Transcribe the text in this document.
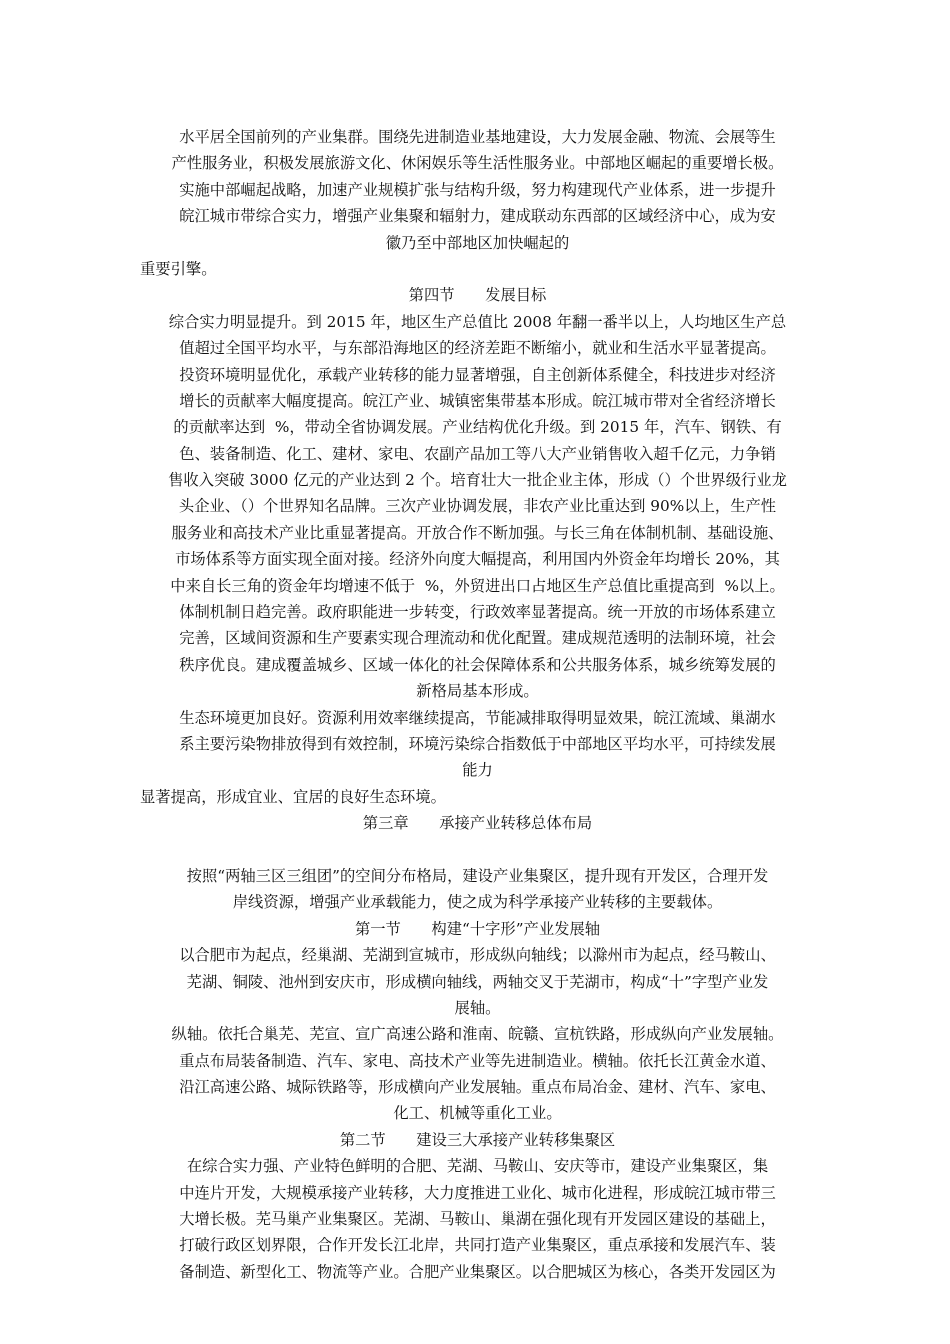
水平居全国前列的产业集群。围绕先进制造业基地建设，大力发展金融、物流、会展等生
产性服务业，积极发展旅游文化、休闲娱乐等生活性服务业。中部地区崛起的重要增长极。
实施中部崛起战略，加速产业规模扩张与结构升级，努力构建现代产业体系，进一步提升
皖江城市带综合实力，增强产业集聚和辐射力，建成联动东西部的区域经济中心，成为安
徽乃至中部地区加快崛起的
重要引擎。
第四节　　发展目标
综合实力明显提升。到 2015 年，地区生产总值比 2008 年翻一番半以上，人均地区生产总
值超过全国平均水平，与东部沿海地区的经济差距不断缩小，就业和生活水平显著提高。
投资环境明显优化，承载产业转移的能力显著增强，自主创新体系健全，科技进步对经济
增长的贡献率大幅度提高。皖江产业、城镇密集带基本形成。皖江城市带对全省经济增长
的贡献率达到  %，带动全省协调发展。产业结构优化升级。到 2015 年，汽车、钢铁、有
色、装备制造、化工、建材、家电、农副产品加工等八大产业销售收入超千亿元，力争销
售收入突破 3000 亿元的产业达到 2 个。培育壮大一批企业主体，形成（）个世界级行业龙
头企业、（）个世界知名品牌。三次产业协调发展，非农产业比重达到 90%以上，生产性
服务业和高技术产业比重显著提高。开放合作不断加强。与长三角在体制机制、基础设施、
市场体系等方面实现全面对接。经济外向度大幅提高，利用国内外资金年均增长 20%，其
中来自长三角的资金年均增速不低于  %，外贸进出口占地区生产总值比重提高到  %以上。
体制机制日趋完善。政府职能进一步转变，行政效率显著提高。统一开放的市场体系建立
完善，区域间资源和生产要素实现合理流动和优化配置。建成规范透明的法制环境，社会
秩序优良。建成覆盖城乡、区域一体化的社会保障体系和公共服务体系，城乡统筹发展的
新格局基本形成。
生态环境更加良好。资源利用效率继续提高，节能减排取得明显效果，皖江流域、巢湖水
系主要污染物排放得到有效控制，环境污染综合指数低于中部地区平均水平，可持续发展
能力
显著提高，形成宜业、宜居的良好生态环境。
第三章　　承接产业转移总体布局
按照“两轴三区三组团”的空间分布格局，建设产业集聚区，提升现有开发区，合理开发
岸线资源，增强产业承载能力，使之成为科学承接产业转移的主要载体。
第一节　　构建“十字形”产业发展轴
以合肥市为起点，经巢湖、芜湖到宣城市，形成纵向轴线；以滁州市为起点，经马鞍山、
芜湖、铜陵、池州到安庆市，形成横向轴线，两轴交叉于芜湖市，构成“十”字型产业发
展轴。
纵轴。依托合巢芜、芜宣、宣广高速公路和淮南、皖赣、宣杭铁路，形成纵向产业发展轴。
重点布局装备制造、汽车、家电、高技术产业等先进制造业。横轴。依托长江黄金水道、
沿江高速公路、城际铁路等，形成横向产业发展轴。重点布局冶金、建材、汽车、家电、
化工、机械等重化工业。
第二节　　建设三大承接产业转移集聚区
在综合实力强、产业特色鲜明的合肥、芜湖、马鞍山、安庆等市，建设产业集聚区，集
中连片开发，大规模承接产业转移，大力度推进工业化、城市化进程，形成皖江城市带三
大增长极。芜马巢产业集聚区。芜湖、马鞍山、巢湖在强化现有开发园区建设的基础上，
打破行政区划界限，合作开发长江北岸，共同打造产业集聚区，重点承接和发展汽车、装
备制造、新型化工、物流等产业。合肥产业集聚区。以合肥城区为核心，各类开发园区为
